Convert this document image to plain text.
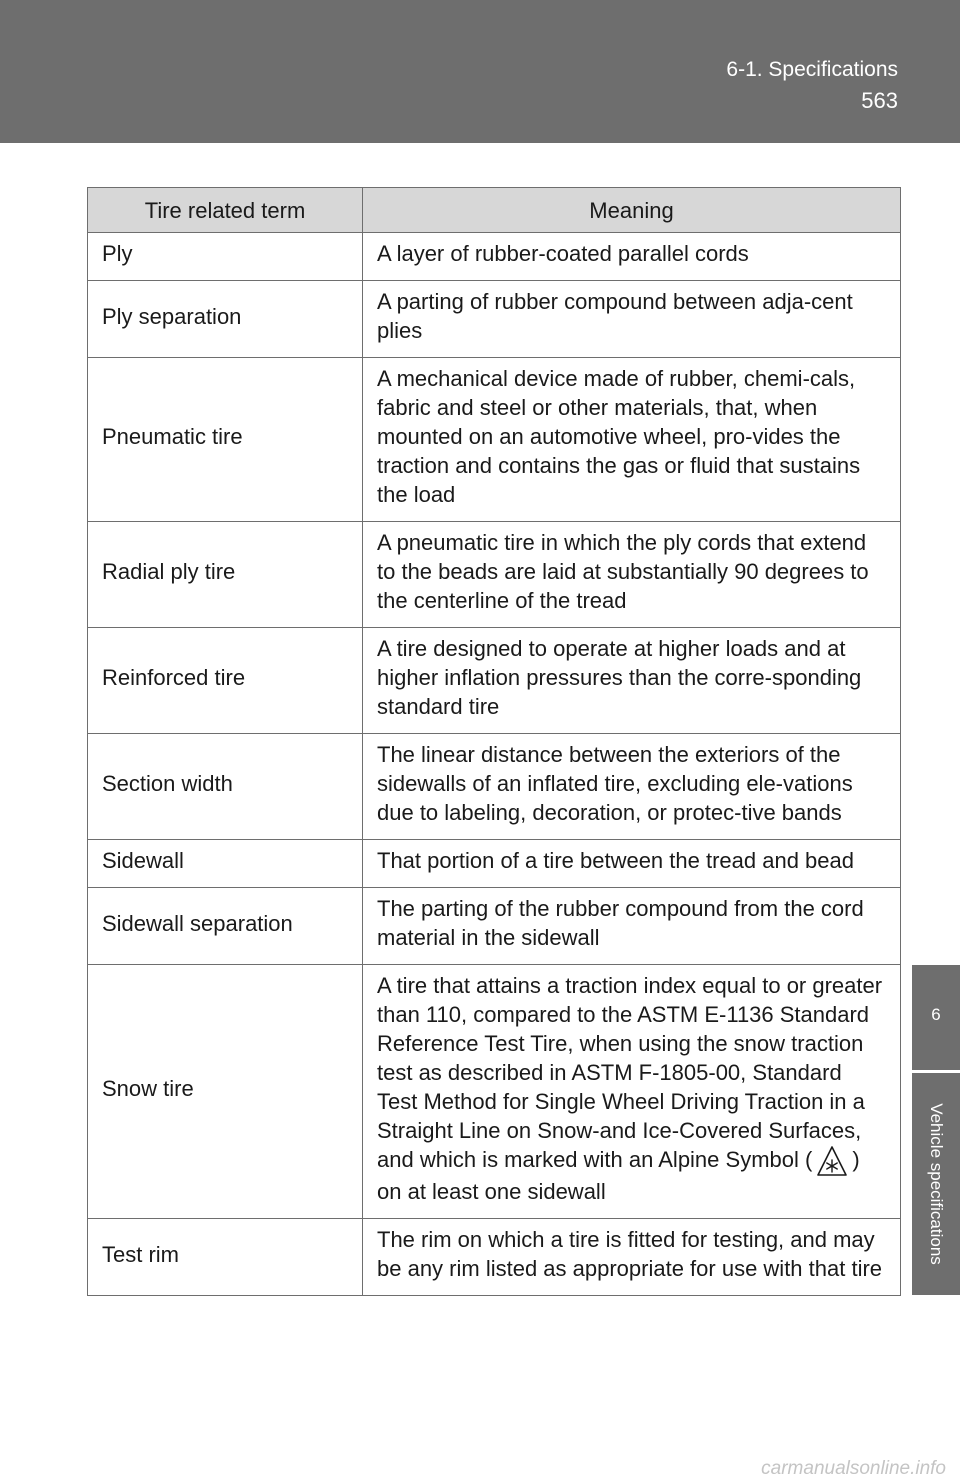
6-1. Specifications
563
6
Vehicle specifications
Tire related term	Meaning
Ply	A layer of rubber-coated parallel cords
Ply separation	A parting of rubber compound between adja-cent plies
Pneumatic tire	A mechanical device made of rubber, chemi-cals, fabric and steel or other materials, that, when mounted on an automotive wheel, pro-vides the traction and contains the gas or fluid that sustains the load
Radial ply tire	A pneumatic tire in which the ply cords that extend to the beads are laid at substantially 90 degrees to the centerline of the tread
Reinforced tire	A tire designed to operate at higher loads and at higher inflation pressures than the corre-sponding standard tire
Section width	The linear distance between the exteriors of the sidewalls of an inflated tire, excluding ele-vations due to labeling, decoration, or protec-tive bands
Sidewall	That portion of a tire between the tread and bead
Sidewall separation	The parting of the rubber compound from the cord material in the sidewall
Snow tire	A tire that attains a traction index equal to or greater than 110, compared to the ASTM E-1136 Standard Reference Test Tire, when using the snow traction test as described in ASTM F-1805-00, Standard Test Method for Single Wheel Driving Traction in a Straight Line on Snow-and Ice-Covered Surfaces, and which is marked with an Alpine Symbol ( ) on at least one sidewall
Test rim	The rim on which a tire is fitted for testing, and may be any rim listed as appropriate for use with that tire
carmanualsonline.info
